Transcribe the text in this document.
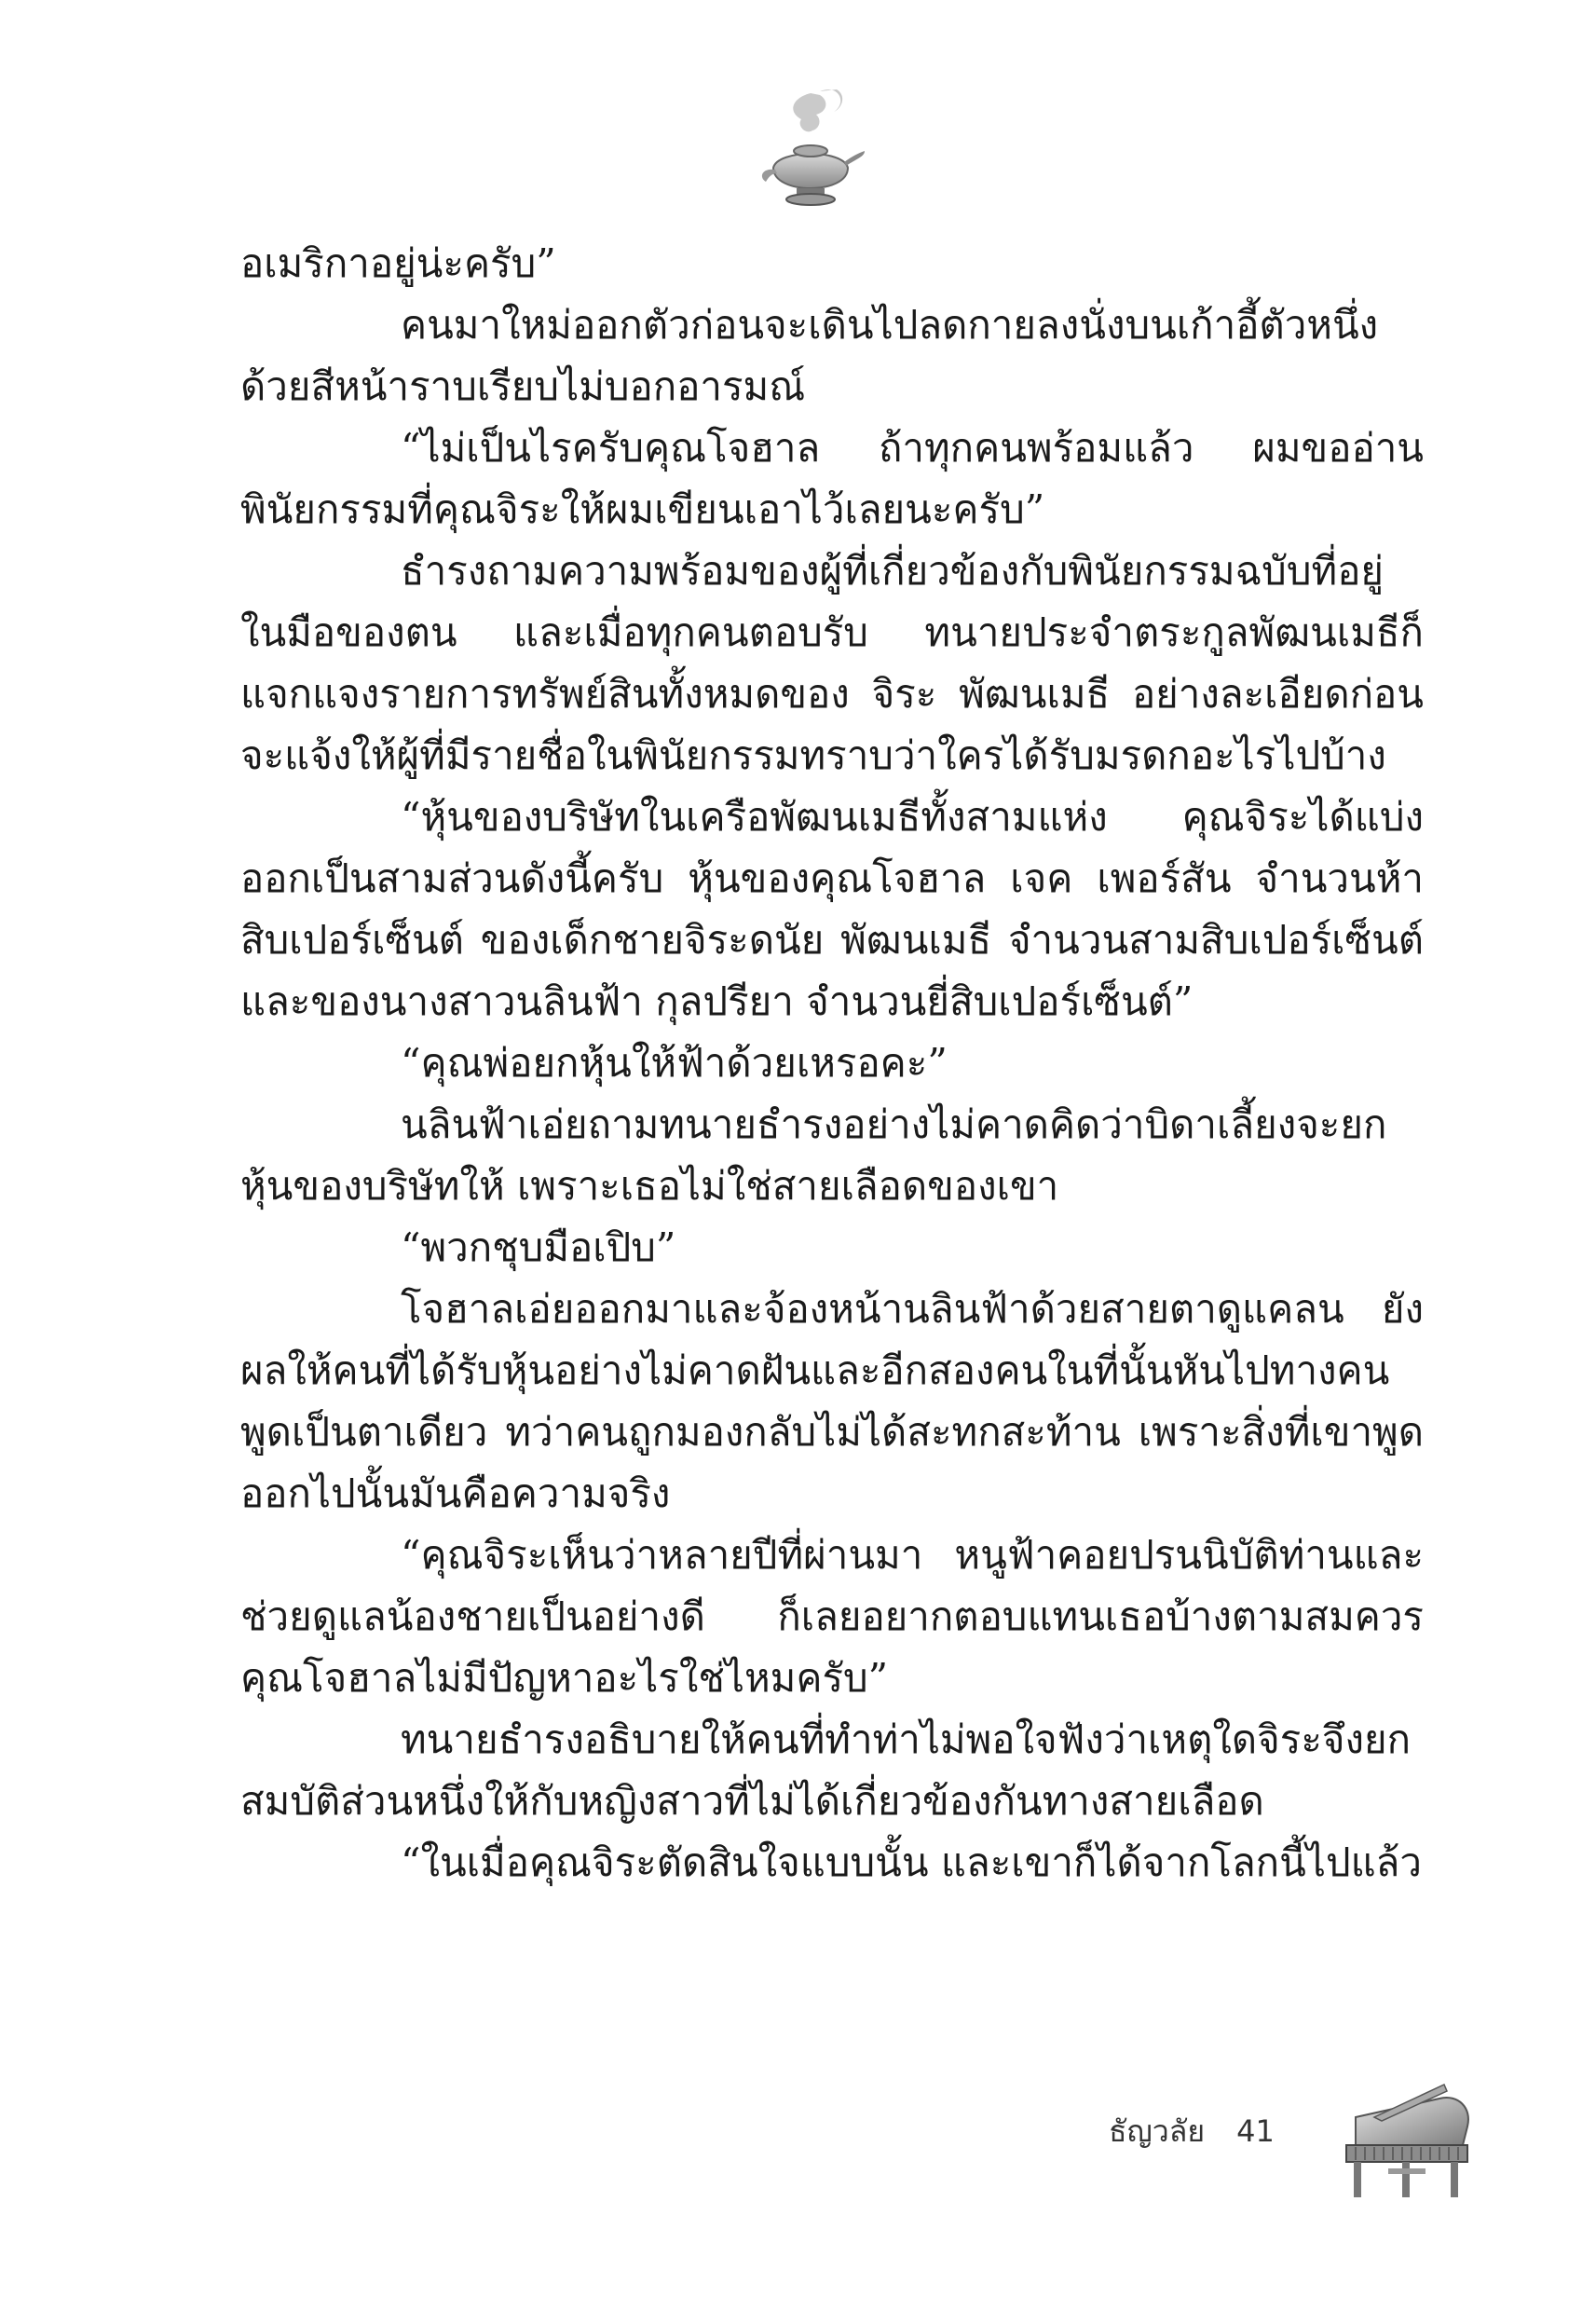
อเมริกาอยู่น่ะครับ”

คนมาใหม่ออกตัวก่อนจะเดินไปลดกายลงนั่งบนเก้าอี้ตัวหนึ่งด้วยสีหน้าราบเรียบไม่บอกอารมณ์

“ไม่เป็นไรครับคุณโจฮาล ถ้าทุกคนพร้อมแล้ว ผมขออ่านพินัยกรรมที่คุณจิระให้ผมเขียนเอาไว้เลยนะครับ”

ธำรงถามความพร้อมของผู้ที่เกี่ยวข้องกับพินัยกรรมฉบับที่อยู่ในมือของตน และเมื่อทุกคนตอบรับ ทนายประจำตระกูลพัฒนเมธีก็แจกแจงรายการทรัพย์สินทั้งหมดของ จิระ พัฒนเมธี อย่างละเอียดก่อนจะแจ้งให้ผู้ที่มีรายชื่อในพินัยกรรมทราบว่าใครได้รับมรดกอะไรไปบ้าง

“หุ้นของบริษัทในเครือพัฒนเมธีทั้งสามแห่ง คุณจิระได้แบ่งออกเป็นสามส่วนดังนี้ครับ หุ้นของคุณโจฮาล เจค เพอร์สัน จำนวนห้าสิบเปอร์เซ็นต์ ของเด็กชายจิระดนัย พัฒนเมธี จำนวนสามสิบเปอร์เซ็นต์ และของนางสาวนลินฟ้า กุลปรียา จำนวนยี่สิบเปอร์เซ็นต์”

“คุณพ่อยกหุ้นให้ฟ้าด้วยเหรอคะ”

นลินฟ้าเอ่ยถามทนายธำรงอย่างไม่คาดคิดว่าบิดาเลี้ยงจะยกหุ้นของบริษัทให้ เพราะเธอไม่ใช่สายเลือดของเขา

“พวกชุบมือเปิบ”

โจฮาลเอ่ยออกมาและจ้องหน้านลินฟ้าด้วยสายตาดูแคลน ยังผลให้คนที่ได้รับหุ้นอย่างไม่คาดฝันและอีกสองคนในที่นั้นหันไปทางคนพูดเป็นตาเดียว ทว่าคนถูกมองกลับไม่ได้สะทกสะท้าน เพราะสิ่งที่เขาพูดออกไปนั้นมันคือความจริง

“คุณจิระเห็นว่าหลายปีที่ผ่านมา หนูฟ้าคอยปรนนิบัติท่านและช่วยดูแลน้องชายเป็นอย่างดี ก็เลยอยากตอบแทนเธอบ้างตามสมควร คุณโจฮาลไม่มีปัญหาอะไรใช่ไหมครับ”

ทนายธำรงอธิบายให้คนที่ทำท่าไม่พอใจฟังว่าเหตุใดจิระจึงยกสมบัติส่วนหนึ่งให้กับหญิงสาวที่ไม่ได้เกี่ยวข้องกันทางสายเลือด

“ในเมื่อคุณจิระตัดสินใจแบบนั้น และเขาก็ได้จากโลกนี้ไปแล้ว

ธัญวลัย 41
